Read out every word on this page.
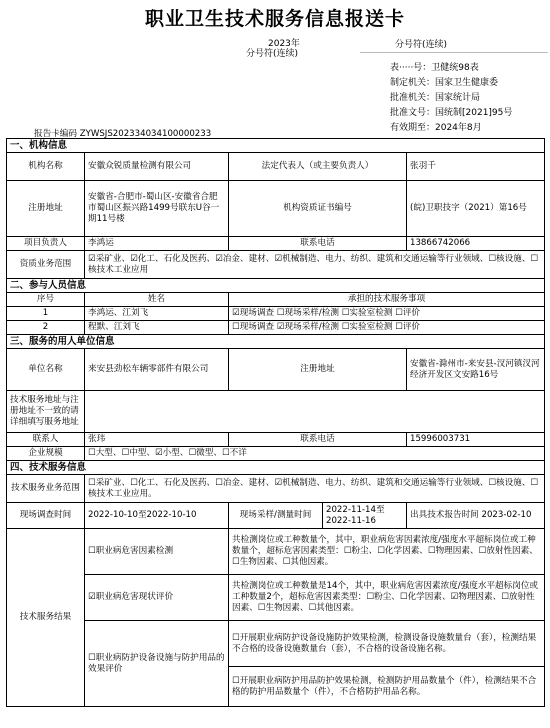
职业卫生技术服务信息报送卡
2023年	分号符(连续)
分号符(连续)
表·····号：卫健统98表
制定机关：国家卫生健康委
批准机关：国家统计局
批准文号：国统制[2021]95号
有效期至：2024年8月
报告卡编码 ZYWSJS202334034100000233
一、机构信息				
机构名称	安徽众锐质量检测有限公司	法定代表人（或主要负责人）		张羽千
注册地址	安徽省-合肥市-蜀山区-安徽省合肥市蜀山区振兴路1499号联东U谷一期11号楼	机构资质证书编号		(皖)卫职技字（2021）第16号
项目负责人	李鸿运	联系电话		13866742066
资质业务范围	☑采矿业、☑化工、石化及医药、☑冶金、建材、☑机械制造、电力、纺织、建筑和交通运输等行业领域、☐核设施、☐核技术工业应用			
二、参与人员信息				
序号	姓名	承担的技术服务事项		
1	李鸿运、江刘飞	☑现场调查 ☐现场采样/检测 ☐实验室检测 ☐评价		
2	程默、江刘飞	☐现场调查 ☑现场采样/检测 ☐实验室检测 ☐评价		
三、服务的用人单位信息				
单位名称	来安县劲松车辆零部件有限公司	注册地址		安徽省-滁州市-来安县-汊河镇汊河经济开发区文安路16号
技术服务地址与注册地址不一致的请详细填写服务地址				
联系人	张玮	联系电话		15996003731
企业规模	☐大型、☐中型、☑小型、☐微型、☐不详			
四、技术服务信息				
技术服务业务范围	☐采矿业、☐化工、石化及医药、☐冶金、建材、☑机械制造、电力、纺织、建筑和交通运输等行业领域、☐核设施、☐核技术工业应用。			
现场调查时间	2022-10-10至2022-10-10	现场采样/测量时间	2022-11-14至2022-11-16	出具技术报告时间 2023-02-10
技术服务结果	☐职业病危害因素检测	共检测岗位或工种数量个，其中，职业病危害因素浓度/强度水平超标岗位或工种数量个，超标危害因素类型：☐粉尘、☐化学因素、☐物理因素、☐放射性因素、☐生物因素、☐其他因素。		
	☑职业病危害现状评价	共检测岗位或工种数量是14个，其中，职业病危害因素浓度/强度水平超标岗位或工种数量2个，超标危害因素类型：☐粉尘、☐化学因素、☑物理因素、☐放射性因素、☐生物因素、☐其他因素。		
	☐职业病防护设备设施与防护用品的效果评价	☐开展职业病防护设备设施防护效果检测，检测设备设施数量台（套），检测结果不合格的设备设施数量台（套），不合格的设备设施名称。		
		☐开展职业病防护用品防护效果检测，检测防护用品数量个（件），检测结果不合格的防护用品数量个（件），不合格防护用品名称。		
